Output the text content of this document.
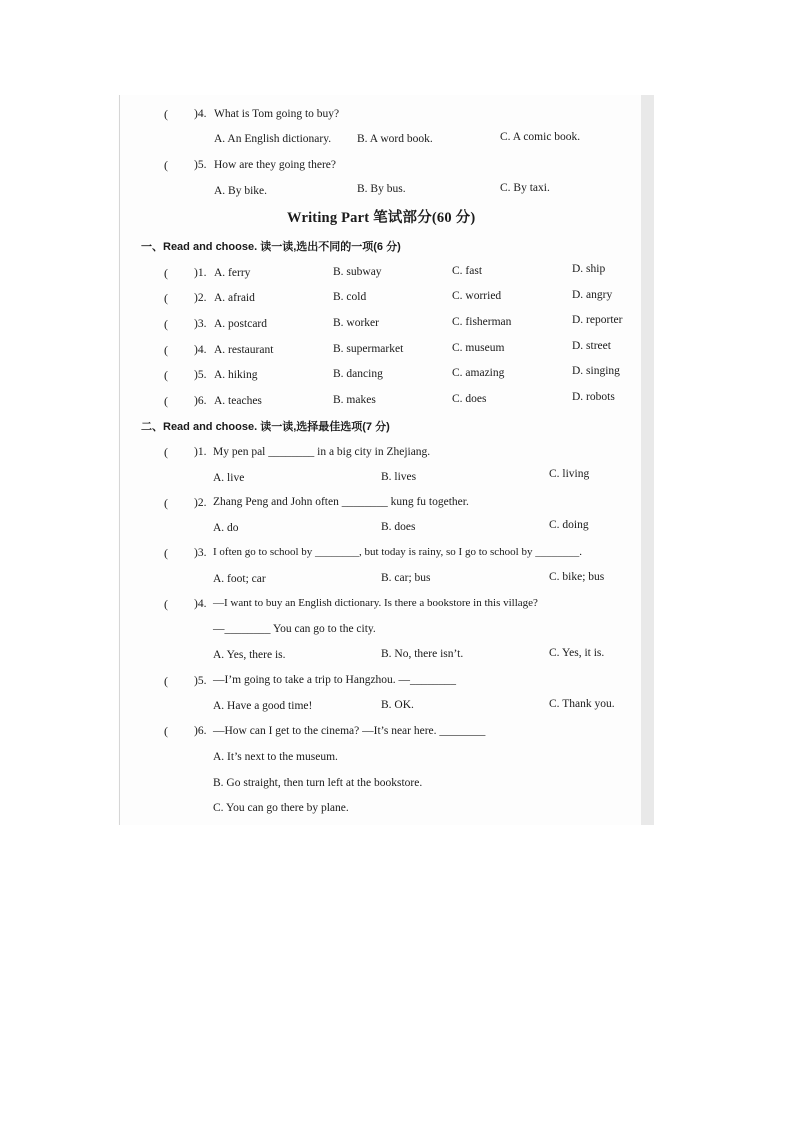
( )4. What is Tom going to buy?
A. An English dictionary. B. A word book.	C. A comic book.
( )5. How are they going there?
A. By bike.	B. By bus.	C. By taxi.
Writing Part 笔试部分(60 分)
一、Read and choose. 读一读,选出不同的一项(6 分)
( )1. A. ferry	B. subway	C. fast	D. ship
( )2. A. afraid	B. cold	C. worried	D. angry
( )3. A. postcard	B. worker	C. fisherman	D. reporter
( )4. A. restaurant	B. supermarket	C. museum	D. street
( )5. A. hiking	B. dancing	C. amazing	D. singing
( )6. A. teaches	B. makes	C. does	D. robots
二、Read and choose. 读一读,选择最佳选项(7 分)
( )1. My pen pal ________ in a big city in Zhejiang.
A. live	B. lives	C. living
( )2. Zhang Peng and John often ________ kung fu together.
A. do	B. does	C. doing
( )3. I often go to school by ________, but today is rainy, so I go to school by ________.
A. foot; car	B. car; bus	C. bike; bus
( )4. —I want to buy an English dictionary. Is there a bookstore in this village?
—________ You can go to the city.
A. Yes, there is.	B. No, there isn’t.	C. Yes, it is.
( )5. —I’m going to take a trip to Hangzhou. —________
A. Have a good time!	B. OK.	C. Thank you.
( )6. —How can I get to the cinema? —It’s near here. ________
A. It’s next to the museum.
B. Go straight, then turn left at the bookstore.
C. You can go there by plane.
